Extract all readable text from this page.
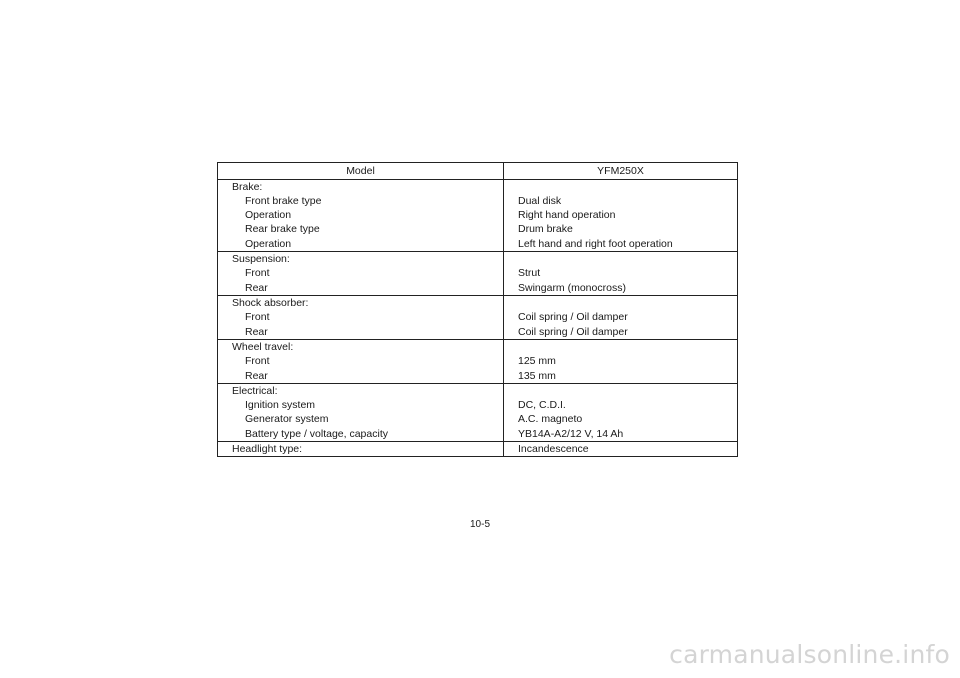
Model	YFM250X
Brake:	
Front brake type	Dual disk
Operation	Right hand operation
Rear brake type	Drum brake
Operation	Left hand and right foot operation
Suspension:	
Front	Strut
Rear	Swingarm (monocross)
Shock absorber:	
Front	Coil spring / Oil damper
Rear	Coil spring / Oil damper
Wheel travel:	
Front	125 mm
Rear	135 mm
Electrical:	
Ignition system	DC, C.D.I.
Generator system	A.C. magneto
Battery type / voltage, capacity	YB14A-A2/12 V, 14 Ah
Headlight type:	Incandescence
10-5
carmanualsonline.info
